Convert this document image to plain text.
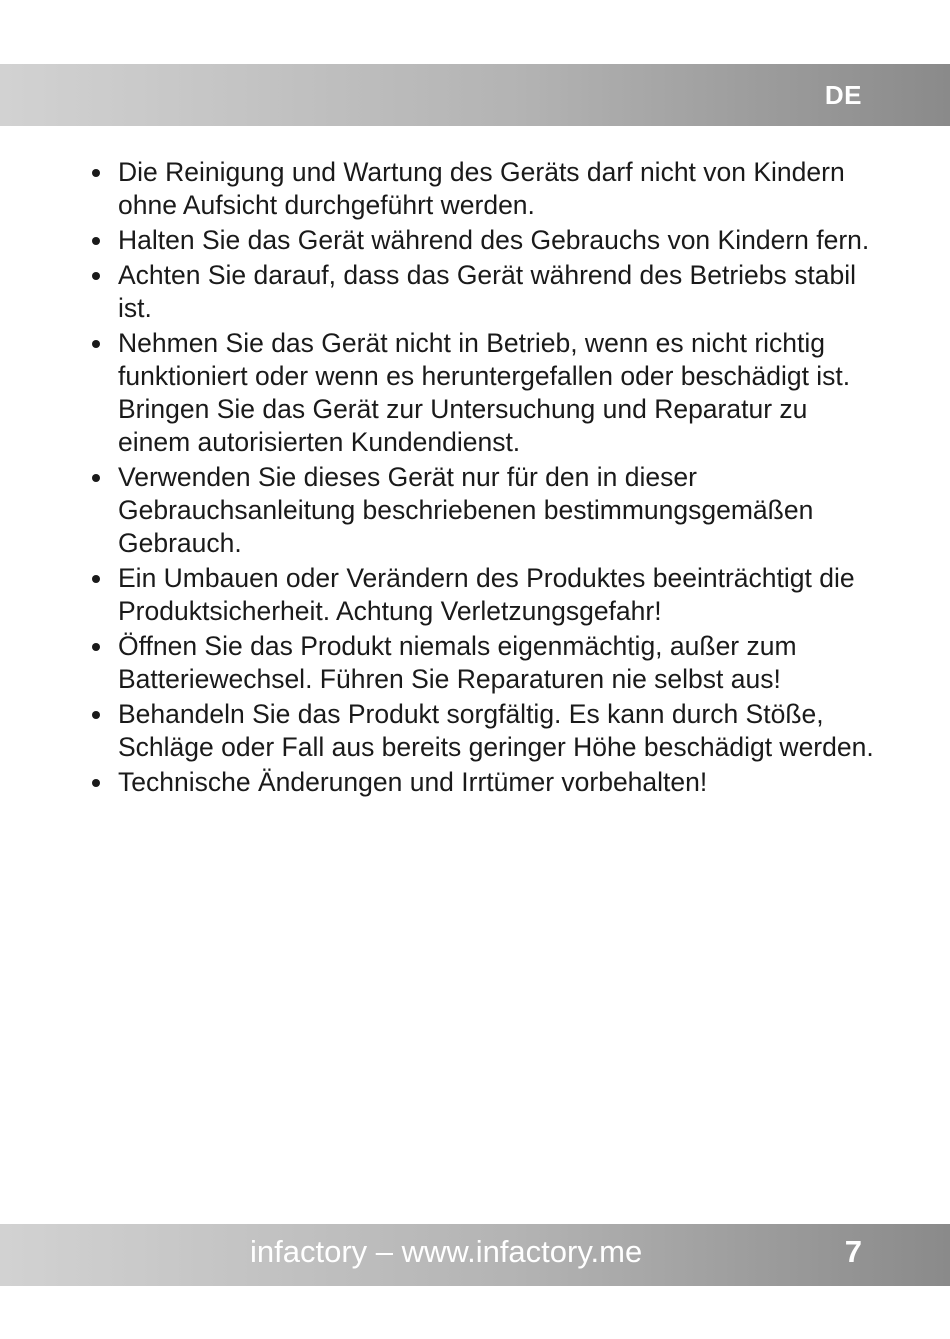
DE
Die Reinigung und Wartung des Geräts darf nicht von Kindern ohne Aufsicht durchgeführt werden.
Halten Sie das Gerät während des Gebrauchs von Kindern fern.
Achten Sie darauf, dass das Gerät während des Betriebs stabil ist.
Nehmen Sie das Gerät nicht in Betrieb, wenn es nicht richtig funktioniert oder wenn es heruntergefallen oder beschädigt ist. Bringen Sie das Gerät zur Untersuchung und Reparatur zu einem autorisierten Kundendienst.
Verwenden Sie dieses Gerät nur für den in dieser Gebrauchsanleitung beschriebenen bestimmungsgemäßen Gebrauch.
Ein Umbauen oder Verändern des Produktes beeinträchtigt die Produktsicherheit. Achtung Verletzungsgefahr!
Öffnen Sie das Produkt niemals eigenmächtig, außer zum Batteriewechsel. Führen Sie Reparaturen nie selbst aus!
Behandeln Sie das Produkt sorgfältig. Es kann durch Stöße, Schläge oder Fall aus bereits geringer Höhe beschädigt werden.
Technische Änderungen und Irrtümer vorbehalten!
infactory – www.infactory.me	7
